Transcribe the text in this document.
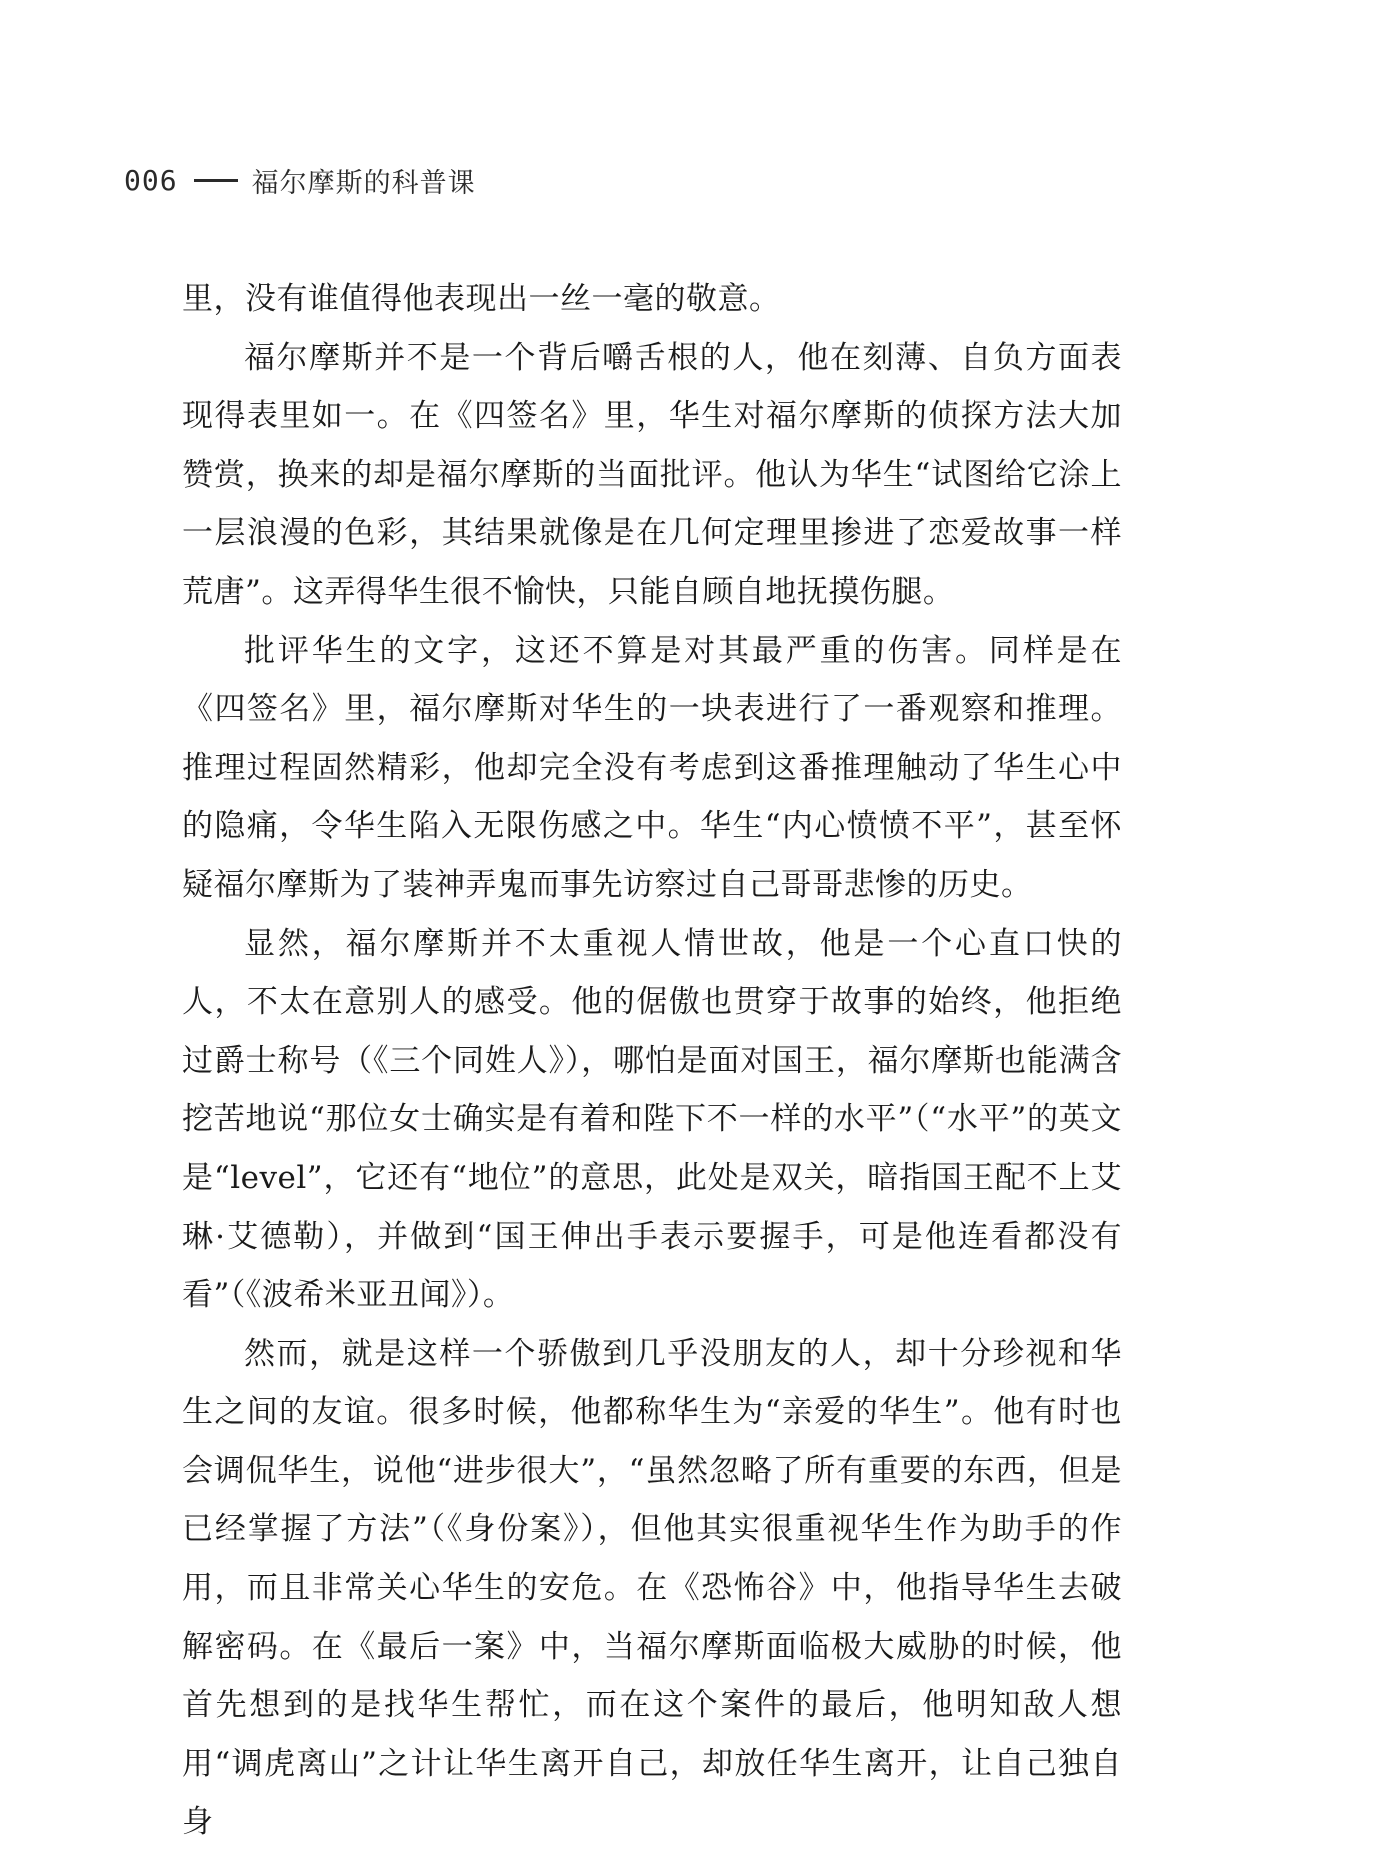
006	福尔摩斯的科普课

里，没有谁值得他表现出一丝一毫的敬意。

福尔摩斯并不是一个背后嚼舌根的人，他在刻薄、自负方面表现得表里如一。在《四签名》里，华生对福尔摩斯的侦探方法大加赞赏，换来的却是福尔摩斯的当面批评。他认为华生“试图给它涂上一层浪漫的色彩，其结果就像是在几何定理里掺进了恋爱故事一样荒唐”。这弄得华生很不愉快，只能自顾自地抚摸伤腿。

批评华生的文字，这还不算是对其最严重的伤害。同样是在《四签名》里，福尔摩斯对华生的一块表进行了一番观察和推理。推理过程固然精彩，他却完全没有考虑到这番推理触动了华生心中的隐痛，令华生陷入无限伤感之中。华生“内心愤愤不平”，甚至怀疑福尔摩斯为了装神弄鬼而事先访察过自己哥哥悲惨的历史。

显然，福尔摩斯并不太重视人情世故，他是一个心直口快的人，不太在意别人的感受。他的倨傲也贯穿于故事的始终，他拒绝过爵士称号（《三个同姓人》），哪怕是面对国王，福尔摩斯也能满含挖苦地说“那位女士确实是有着和陛下不一样的水平”（“水平”的英文是“level”，它还有“地位”的意思，此处是双关，暗指国王配不上艾琳·艾德勒），并做到“国王伸出手表示要握手，可是他连看都没有看”（《波希米亚丑闻》）。

然而，就是这样一个骄傲到几乎没朋友的人，却十分珍视和华生之间的友谊。很多时候，他都称华生为“亲爱的华生”。他有时也会调侃华生，说他“进步很大”，“虽然忽略了所有重要的东西，但是已经掌握了方法”（《身份案》），但他其实很重视华生作为助手的作用，而且非常关心华生的安危。在《恐怖谷》中，他指导华生去破解密码。在《最后一案》中，当福尔摩斯面临极大威胁的时候，他首先想到的是找华生帮忙，而在这个案件的最后，他明知敌人想用“调虎离山”之计让华生离开自己，却放任华生离开，让自己独自身
